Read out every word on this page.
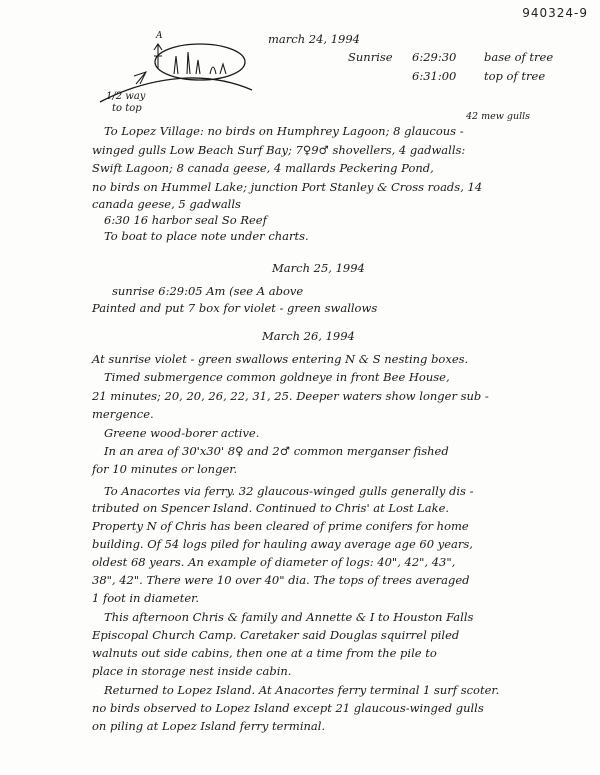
940324-9
A
1/2 way
to top
march 24, 1994
Sunrise 6:29:30 base of tree
6:31:00 top of tree
42 mew gulls
To Lopez Village: no birds on Humphrey Lagoon; 8 glaucous -
winged gulls Low Beach Surf Bay; 7♀9♂ shovellers, 4 gadwalls:
Swift Lagoon; 8 canada geese, 4 mallards Peckering Pond,
no birds on Hummel Lake; junction Port Stanley & Cross roads, 14
canada geese, 5 gadwalls
6:30 16 harbor seal So Reef
To boat to place note under charts.
March 25, 1994
sunrise 6:29:05 Am (see A above
Painted and put 7 box for violet - green swallows
March 26, 1994
At sunrise violet - green swallows entering N & S nesting boxes.
Timed submergence common goldneye in front Bee House,
21 minutes; 20, 20, 26, 22, 31, 25. Deeper waters show longer sub -
mergence.
Greene wood-borer active.
In an area of 30'x30' 8♀ and 2♂ common merganser fished
for 10 minutes or longer.
To Anacortes via ferry. 32 glaucous-winged gulls generally dis -
tributed on Spencer Island. Continued to Chris' at Lost Lake.
Property N of Chris has been cleared of prime conifers for home
building. Of 54 logs piled for hauling away average age 60 years,
oldest 68 years. An example of diameter of logs: 40", 42", 43",
38", 42". There were 10 over 40" dia. The tops of trees averaged
1 foot in diameter.
This afternoon Chris & family and Annette & I to Houston Falls
Episcopal Church Camp. Caretaker said Douglas squirrel piled
walnuts out side cabins, then one at a time from the pile to
place in storage nest inside cabin.
Returned to Lopez Island. At Anacortes ferry terminal 1 surf scoter.
no birds observed to Lopez Island except 21 glaucous-winged gulls
on piling at Lopez Island ferry terminal.
